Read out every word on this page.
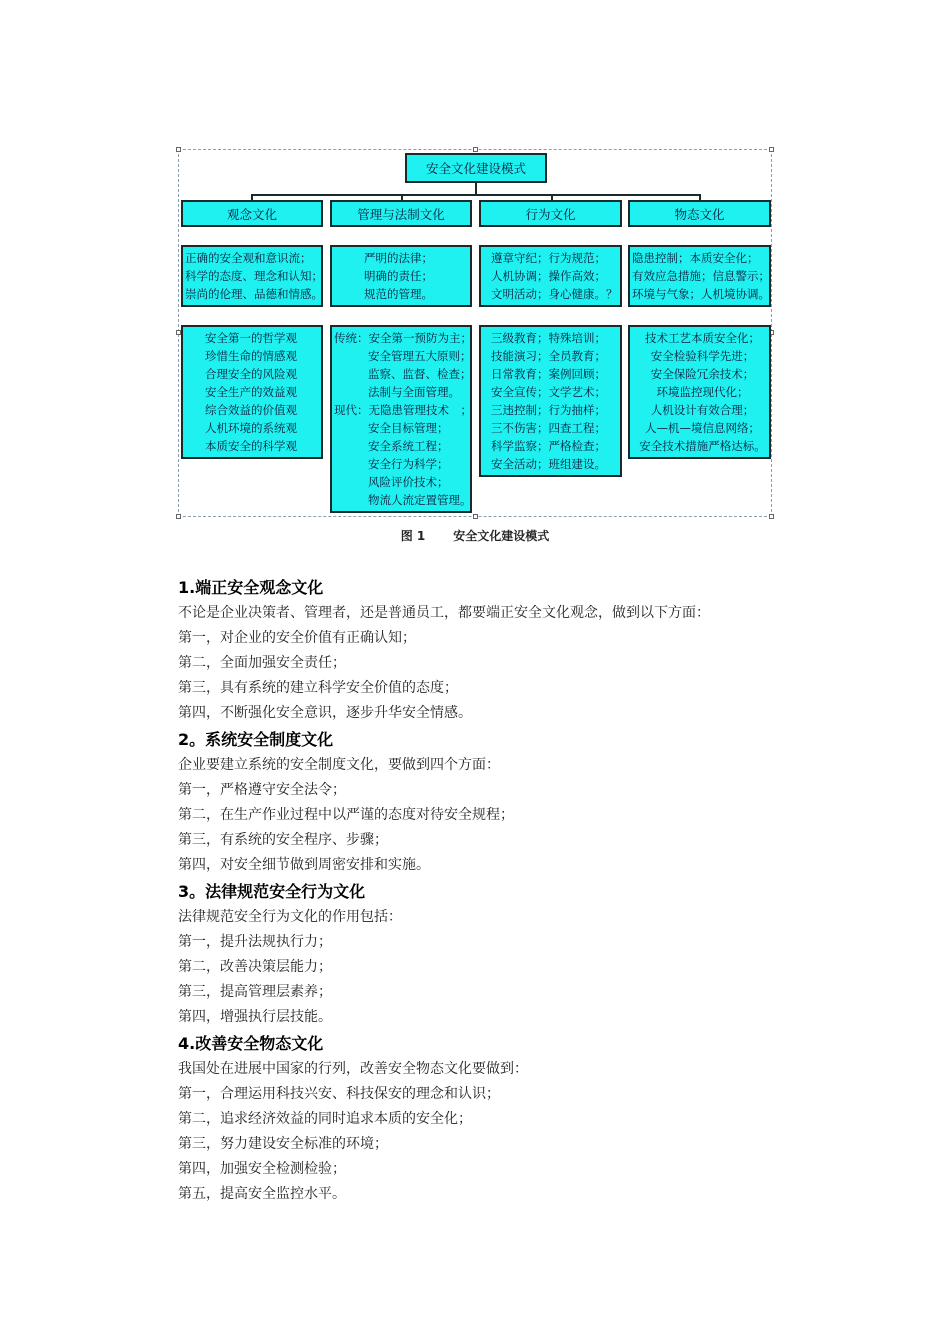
安全文化建设模式
观念文化	管理与法制文化	行为文化	物态文化
正确的安全观和意识流；
科学的态度、理念和认知；
崇尚的伦理、品德和情感。
严明的法律；
明确的责任；
规范的管理。
遵章守纪；行为规范；
人机协调；操作高效；
文明活动；身心健康。？
隐患控制；本质安全化；
有效应急措施；信息警示；
环境与气象；人机境协调。
安全第一的哲学观
珍惜生命的情感观
合理安全的风险观
安全生产的效益观
综合效益的价值观
人机环境的系统观
本质安全的科学观
传统：安全第一预防为主；
安全管理五大原则；
监察、监督、检查；
法制与全面管理。
现代：无隐患管理技术　；
安全目标管理；
安全系统工程；
安全行为科学；
风险评价技术；
物流人流定置管理。
三级教育；特殊培训；
技能演习；全员教育；
日常教育；案例回顾；
安全宣传；文学艺术；
三违控制；行为抽样；
三不伤害；四查工程；
科学监察；严格检查；
安全活动；班组建设。
技术工艺本质安全化；
安全检验科学先进；
安全保险冗余技术；
环境监控现代化；
人机设计有效合理；
人—机—境信息网络；
安全技术措施严格达标。
图 1 安全文化建设模式
1.端正安全观念文化
不论是企业决策者、管理者，还是普通员工，都要端正安全文化观念，做到以下方面：
第一，对企业的安全价值有正确认知；
第二，全面加强安全责任；
第三，具有系统的建立科学安全价值的态度；
第四，不断强化安全意识，逐步升华安全情感。
2。系统安全制度文化
企业要建立系统的安全制度文化，要做到四个方面：
第一，严格遵守安全法令；
第二，在生产作业过程中以严谨的态度对待安全规程；
第三，有系统的安全程序、步骤；
第四，对安全细节做到周密安排和实施。
3。法律规范安全行为文化
法律规范安全行为文化的作用包括：
第一，提升法规执行力；
第二，改善决策层能力；
第三，提高管理层素养；
第四，增强执行层技能。
4.改善安全物态文化
我国处在进展中国家的行列，改善安全物态文化要做到：
第一，合理运用科技兴安、科技保安的理念和认识；
第二，追求经济效益的同时追求本质的安全化；
第三，努力建设安全标准的环境；
第四，加强安全检测检验；
第五，提高安全监控水平。
